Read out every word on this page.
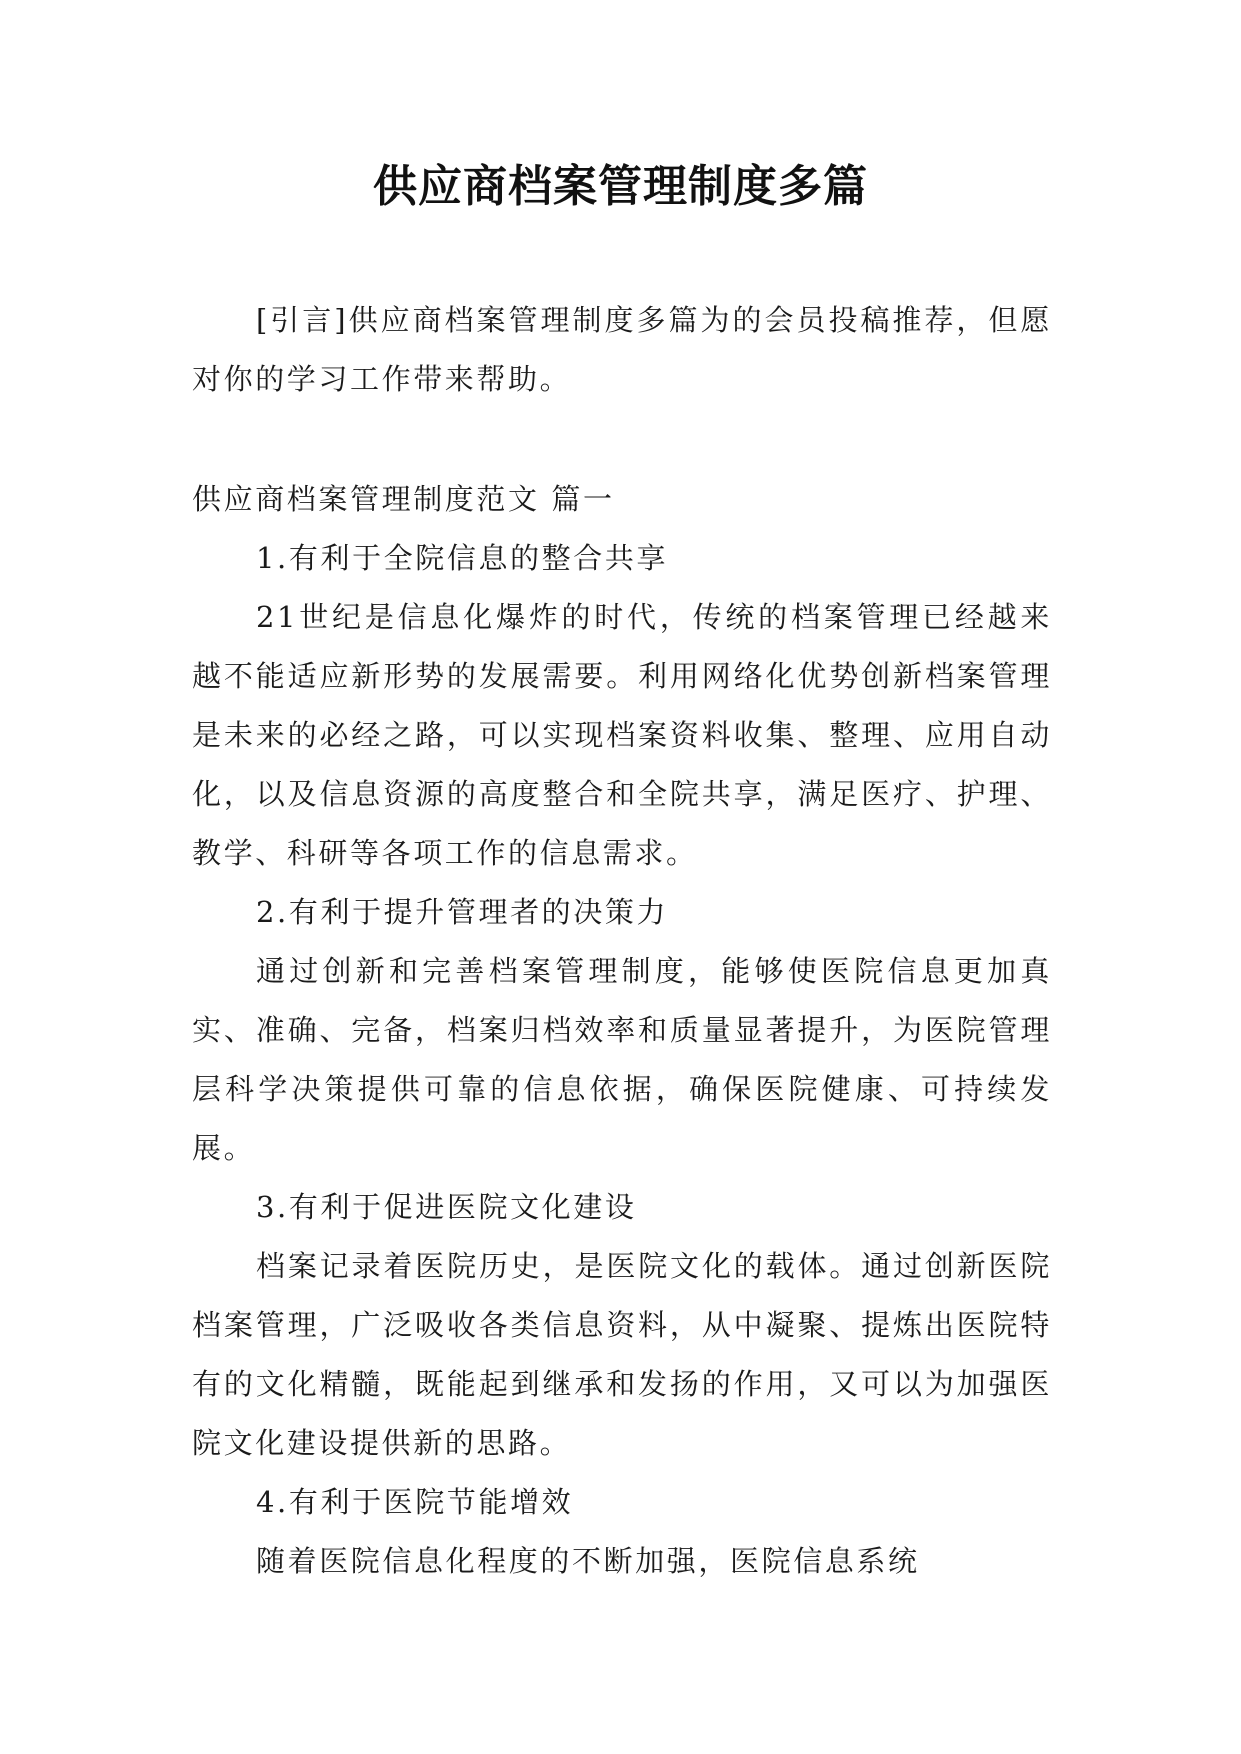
供应商档案管理制度多篇

[引言]供应商档案管理制度多篇为的会员投稿推荐，但愿对你的学习工作带来帮助。

供应商档案管理制度范文 篇一

1.有利于全院信息的整合共享

21世纪是信息化爆炸的时代，传统的档案管理已经越来越不能适应新形势的发展需要。利用网络化优势创新档案管理是未来的必经之路，可以实现档案资料收集、整理、应用自动化，以及信息资源的高度整合和全院共享，满足医疗、护理、教学、科研等各项工作的信息需求。

2.有利于提升管理者的决策力

通过创新和完善档案管理制度，能够使医院信息更加真实、准确、完备，档案归档效率和质量显著提升，为医院管理层科学决策提供可靠的信息依据，确保医院健康、可持续发展。

3.有利于促进医院文化建设

档案记录着医院历史，是医院文化的载体。通过创新医院档案管理，广泛吸收各类信息资料，从中凝聚、提炼出医院特有的文化精髓，既能起到继承和发扬的作用，又可以为加强医院文化建设提供新的思路。

4.有利于医院节能增效

随着医院信息化程度的不断加强，医院信息系统
